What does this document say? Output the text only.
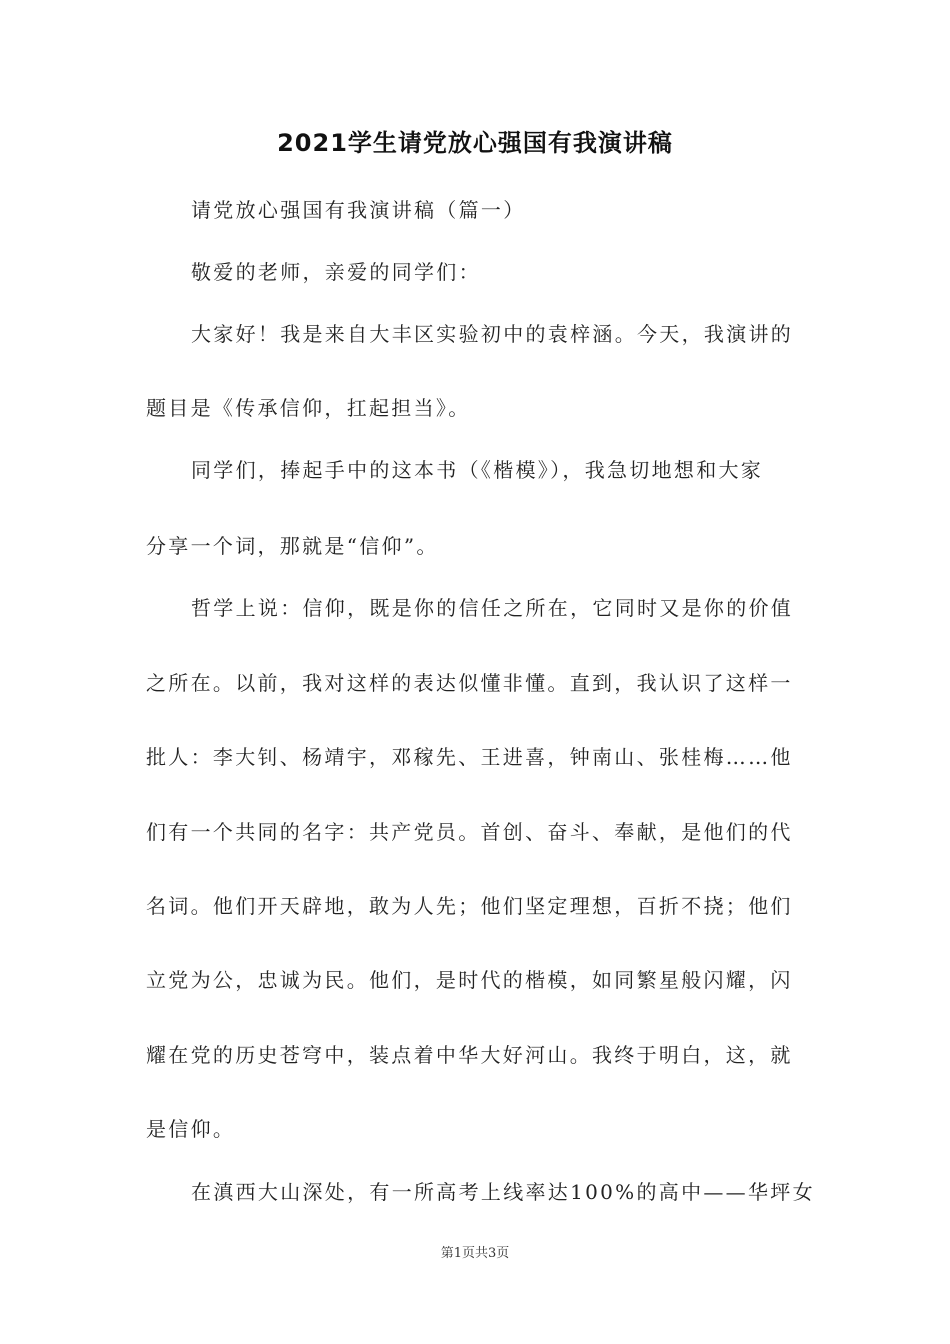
2021学生请党放心强国有我演讲稿
请党放心强国有我演讲稿（篇一）
敬爱的老师，亲爱的同学们：
大家好！我是来自大丰区实验初中的袁梓涵。今天，我演讲的
题目是《传承信仰，扛起担当》。
同学们，捧起手中的这本书（《楷模》），我急切地想和大家
分享一个词，那就是“信仰”。
哲学上说：信仰，既是你的信任之所在，它同时又是你的价值
之所在。以前，我对这样的表达似懂非懂。直到，我认识了这样一
批人：李大钊、杨靖宇，邓稼先、王进喜，钟南山、张桂梅……他
们有一个共同的名字：共产党员。首创、奋斗、奉献，是他们的代
名词。他们开天辟地，敢为人先；他们坚定理想，百折不挠；他们
立党为公，忠诚为民。他们，是时代的楷模，如同繁星般闪耀，闪
耀在党的历史苍穹中，装点着中华大好河山。我终于明白，这，就
是信仰。
在滇西大山深处，有一所高考上线率达100%的高中——华坪女
第1页共3页
